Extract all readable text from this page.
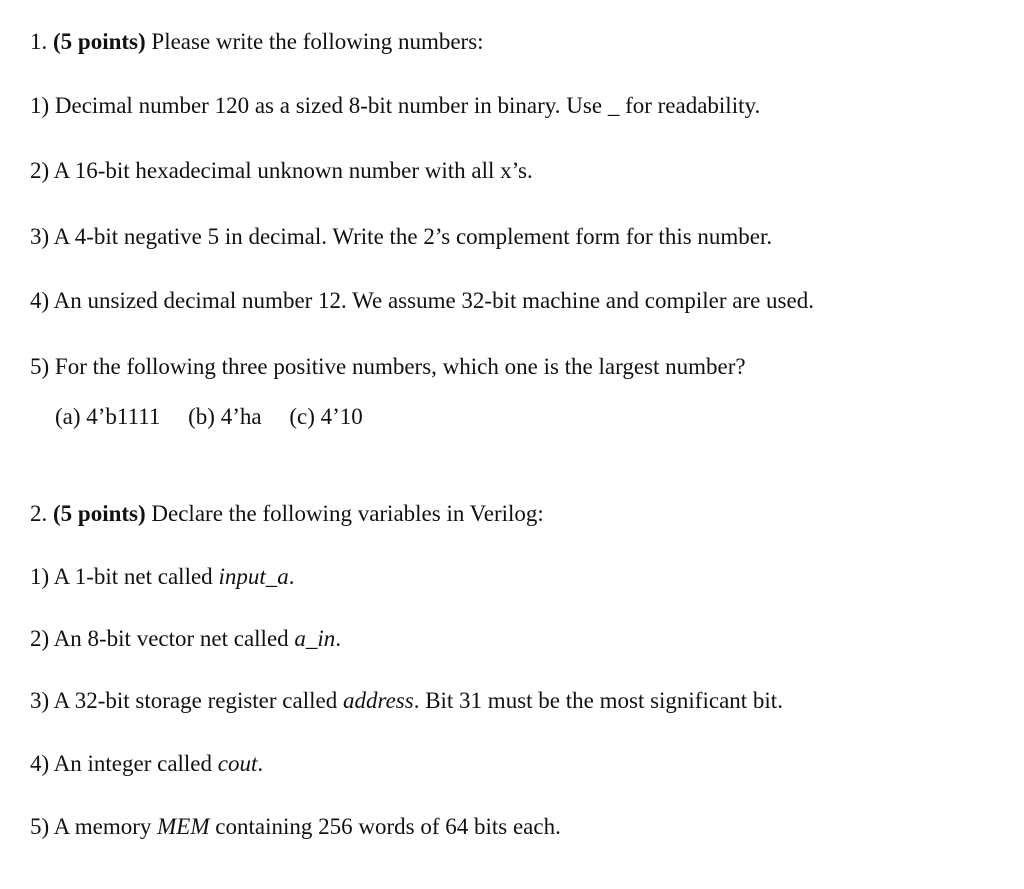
1. (5 points) Please write the following numbers:
1) Decimal number 120 as a sized 8-bit number in binary. Use _ for readability.
2) A 16-bit hexadecimal unknown number with all x’s.
3) A 4-bit negative 5 in decimal. Write the 2’s complement form for this number.
4) An unsized decimal number 12. We assume 32-bit machine and compiler are used.
5) For the following three positive numbers, which one is the largest number?
(a) 4’b1111 (b) 4’ha (c) 4’10
2. (5 points) Declare the following variables in Verilog:
1) A 1-bit net called input_a.
2) An 8-bit vector net called a_in.
3) A 32-bit storage register called address. Bit 31 must be the most significant bit.
4) An integer called cout.
5) A memory MEM containing 256 words of 64 bits each.
